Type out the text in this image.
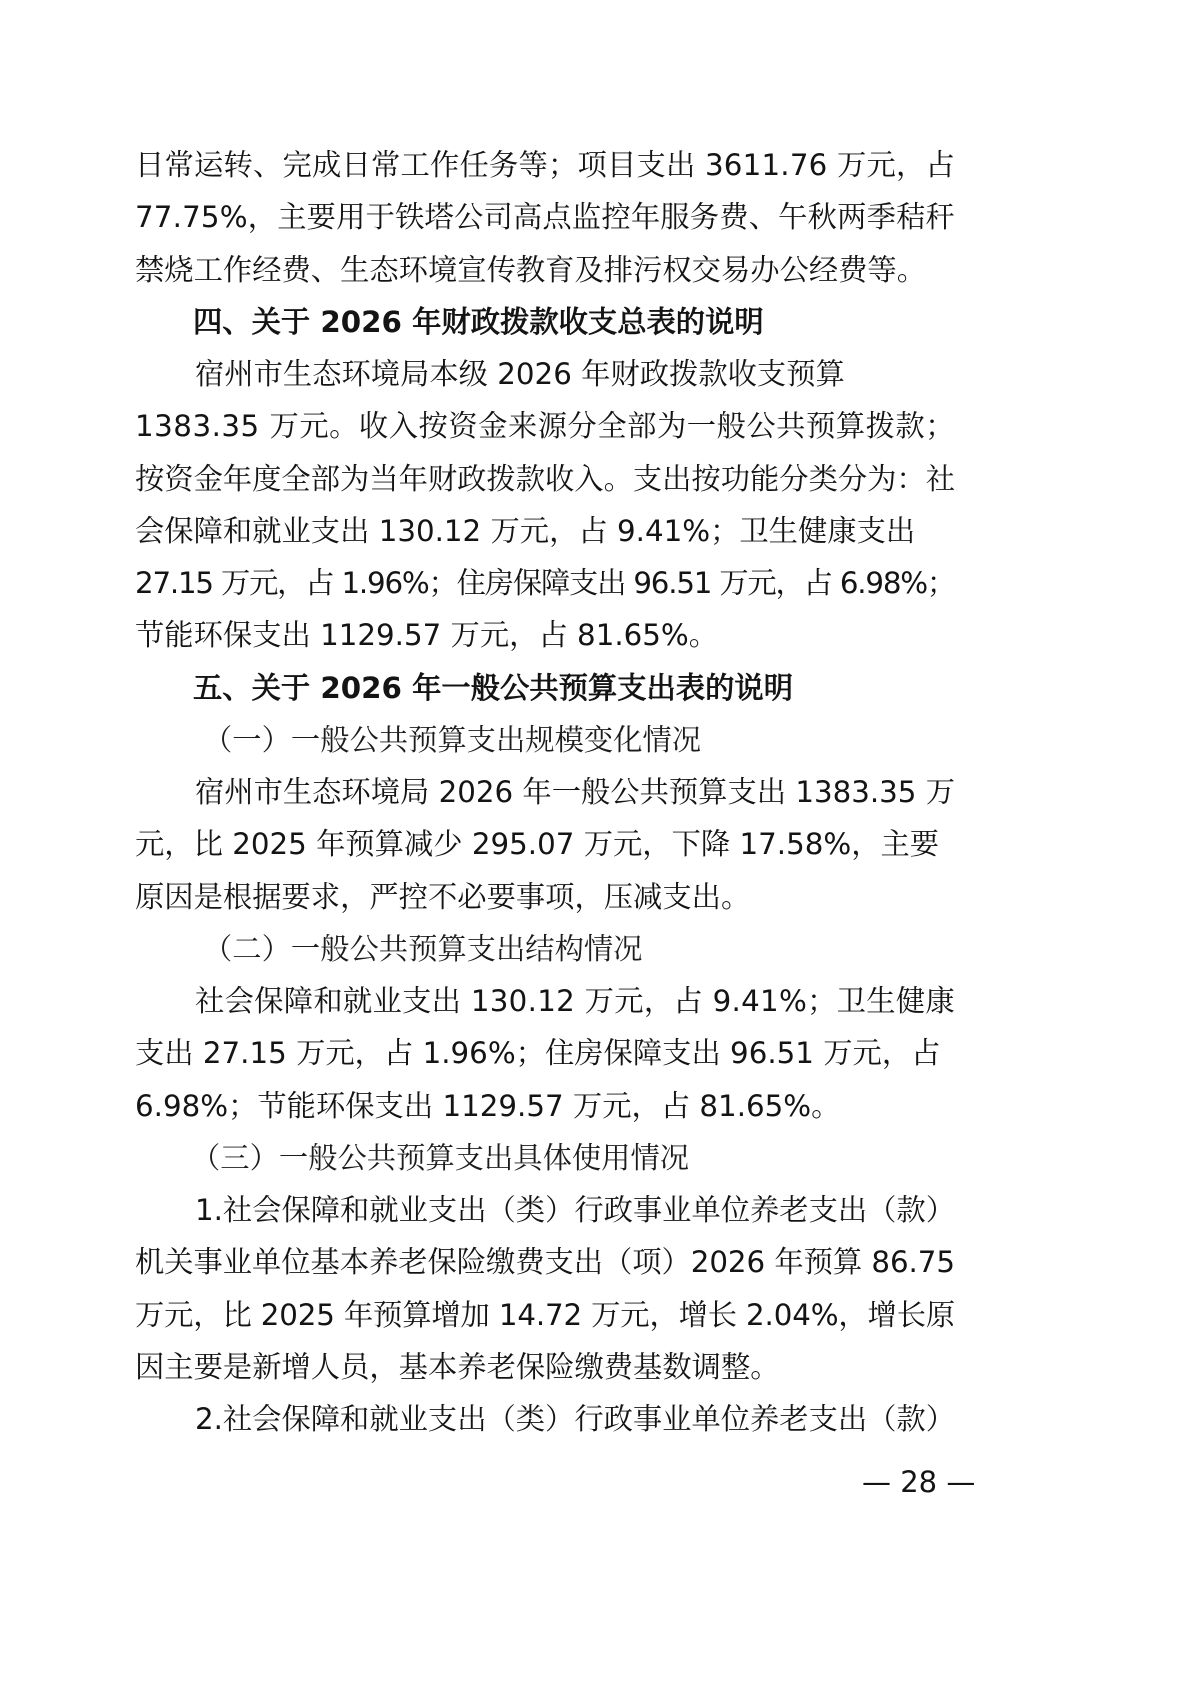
日常运转、完成日常工作任务等；项目支出 3611.76 万元，占
77.75%，主要用于铁塔公司高点监控年服务费、午秋两季秸秆
禁烧工作经费、生态环境宣传教育及排污权交易办公经费等。
四、关于 2026 年财政拨款收支总表的说明
宿州市生态环境局本级 2026 年财政拨款收支预算
1383.35 万元。收入按资金来源分全部为一般公共预算拨款；
按资金年度全部为当年财政拨款收入。支出按功能分类分为：社
会保障和就业支出 130.12 万元，占 9.41%；卫生健康支出
27.15 万元，占 1.96%；住房保障支出 96.51 万元，占 6.98%；
节能环保支出 1129.57 万元，占 81.65%。
五、关于 2026 年一般公共预算支出表的说明
（一）一般公共预算支出规模变化情况
宿州市生态环境局 2026 年一般公共预算支出 1383.35 万
元，比 2025 年预算减少 295.07 万元，下降 17.58%，主要
原因是根据要求，严控不必要事项，压减支出。
（二）一般公共预算支出结构情况
社会保障和就业支出 130.12 万元，占 9.41%；卫生健康
支出 27.15 万元，占 1.96%；住房保障支出 96.51 万元，占
6.98%；节能环保支出 1129.57 万元，占 81.65%。
（三）一般公共预算支出具体使用情况
1.社会保障和就业支出（类）行政事业单位养老支出（款）
机关事业单位基本养老保险缴费支出（项）2026 年预算 86.75
万元，比 2025 年预算增加 14.72 万元，增长 2.04%，增长原
因主要是新增人员，基本养老保险缴费基数调整。
2.社会保障和就业支出（类）行政事业单位养老支出（款）
— 28 —
